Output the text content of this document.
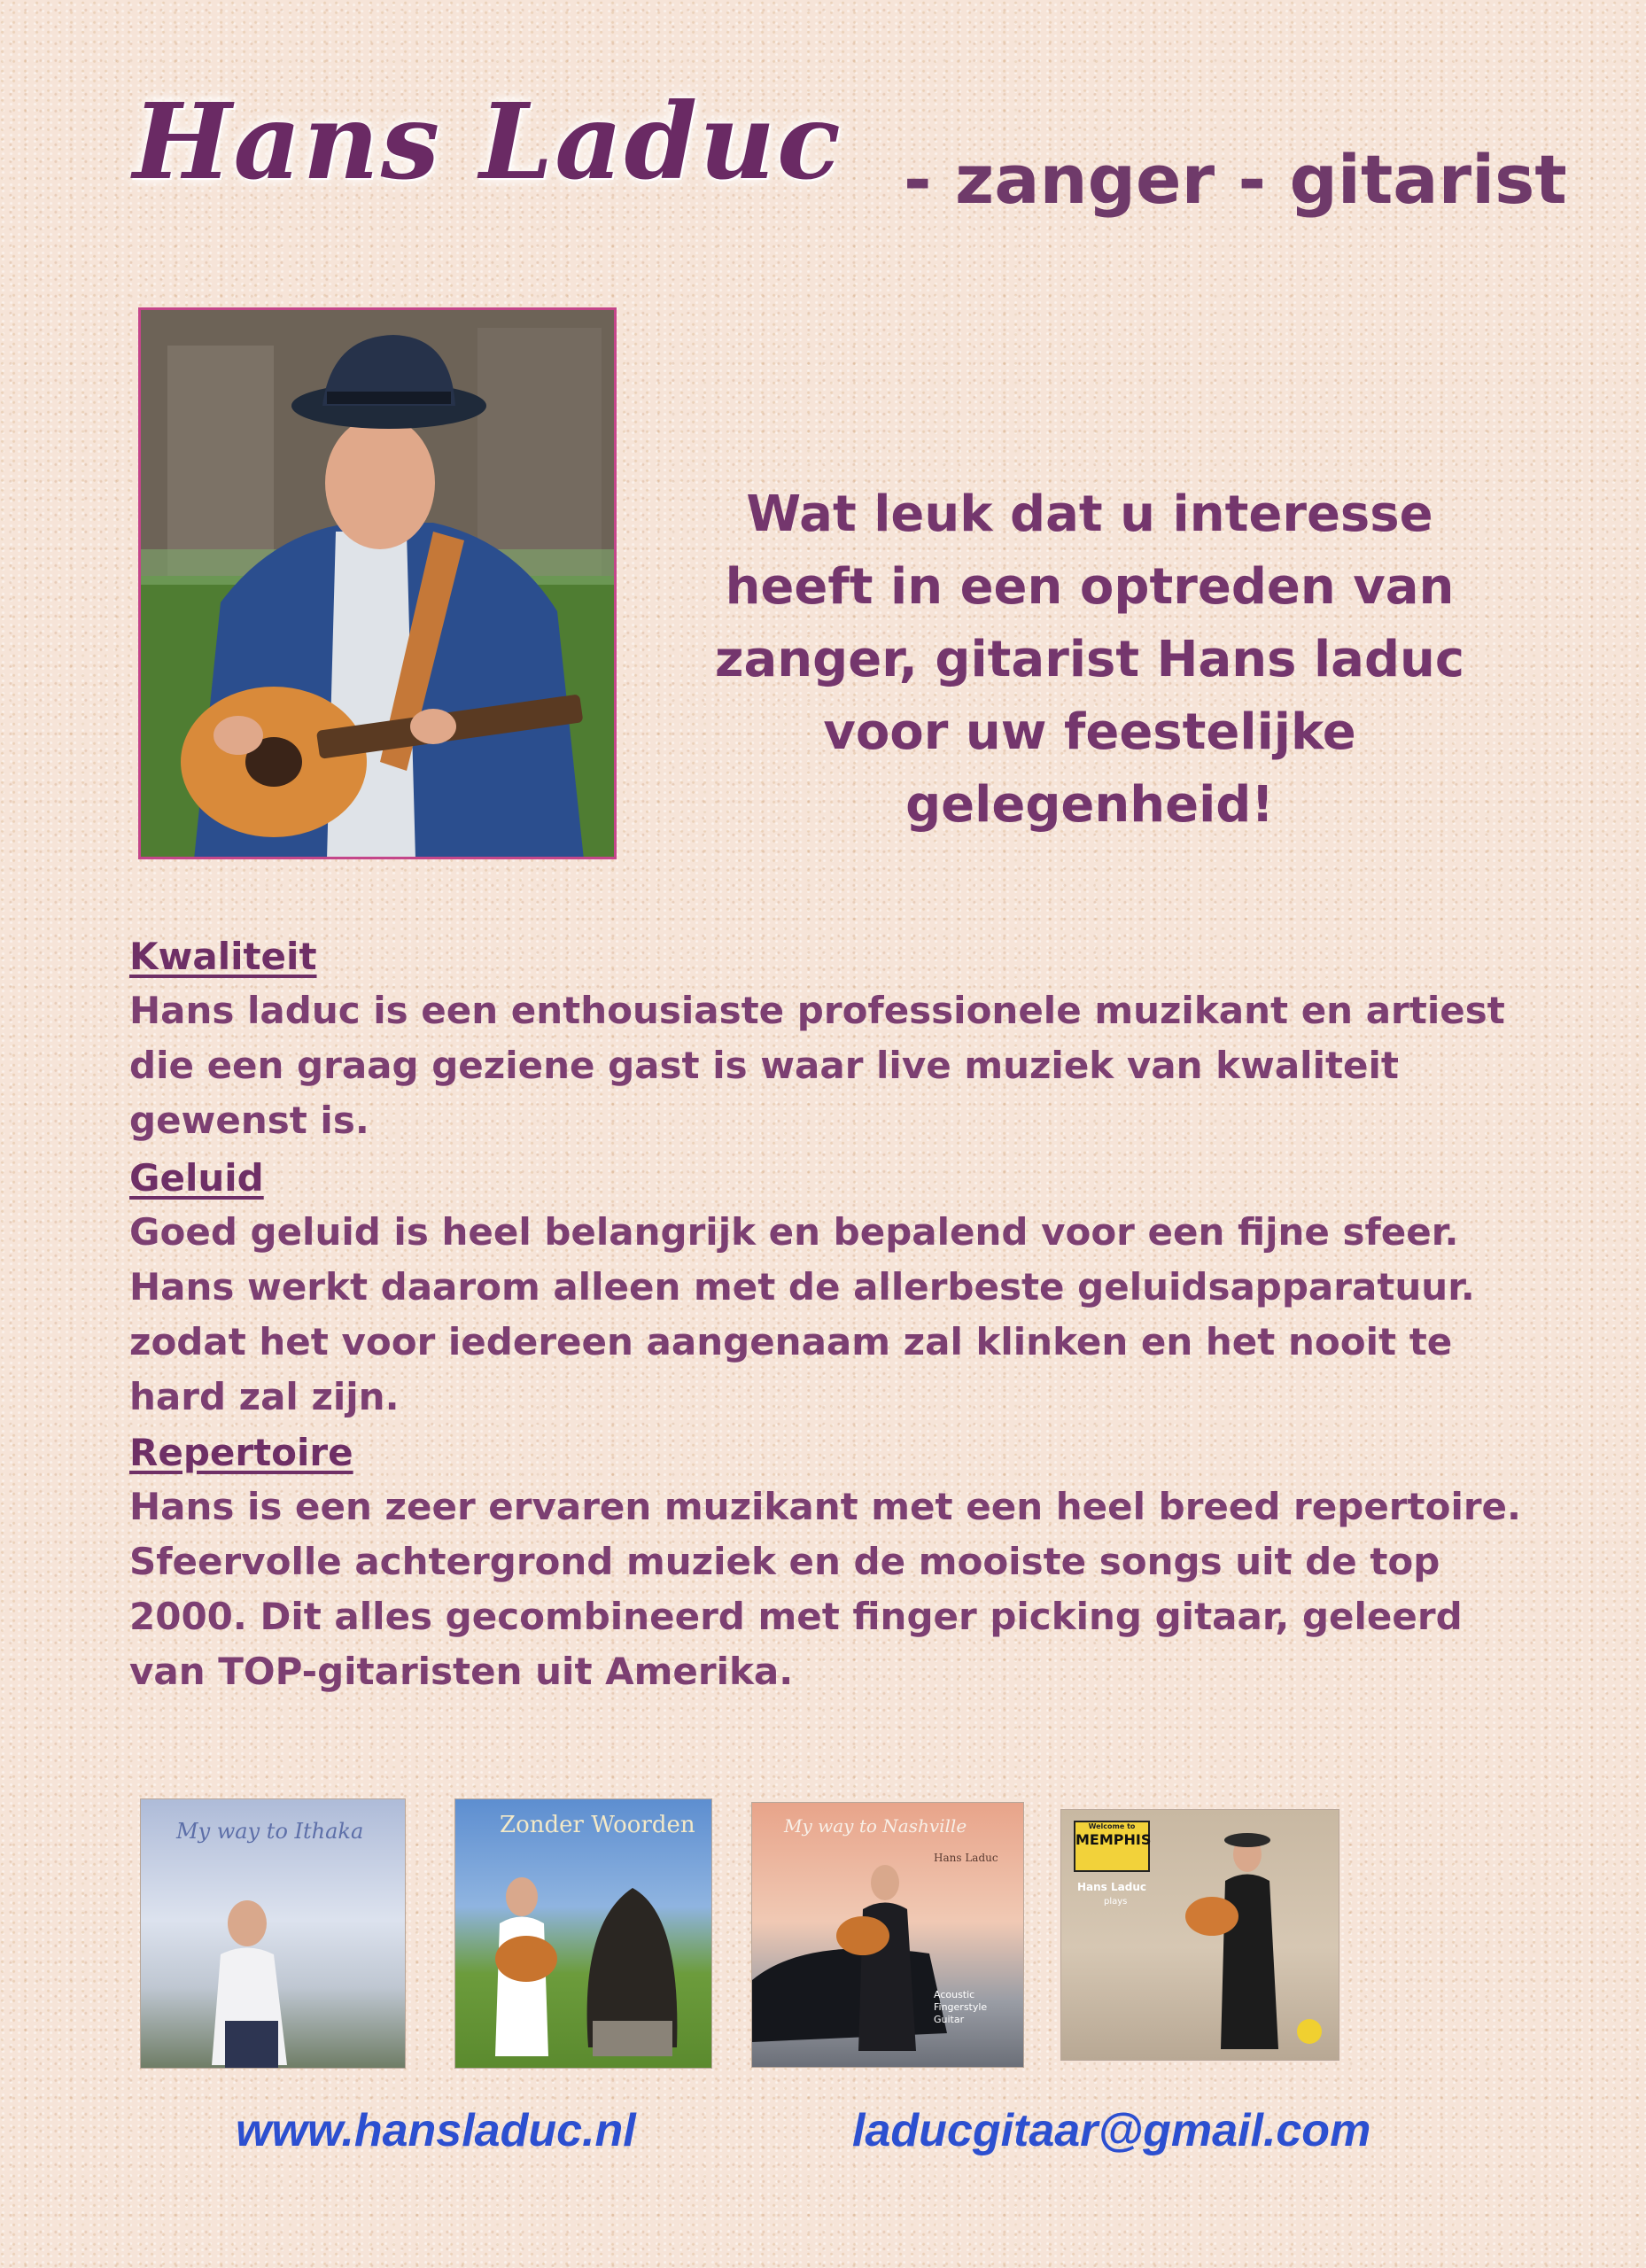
Hans Laduc - zanger - gitarist
Wat leuk dat u interesse heeft in een optreden van zanger, gitarist Hans laduc voor uw feestelijke gelegenheid!
Kwaliteit

Hans laduc is een enthousiaste professionele muzikant en artiest die een graag geziene gast is waar live muziek van kwaliteit gewenst is.

Geluid

Goed geluid is heel belangrijk en bepalend voor een fijne sfeer. Hans werkt daarom alleen met de allerbeste geluidsapparatuur. zodat het voor iedereen aangenaam zal klinken en het nooit te hard zal zijn.

Repertoire

Hans is een zeer ervaren muzikant met een heel breed repertoire. Sfeervolle achtergrond muziek en de mooiste songs uit de top 2000. Dit alles gecombineerd met finger picking gitaar, geleerd van TOP-gitaristen uit Amerika.

My way to Ithaka	Zonder Woorden	My way to Nashville
Hans Laduc
Acoustic Fingerstyle Guitar
Welcome to
MEMPHIS
Hans Laduc
plays
www.hansladuc.nl	laducgitaar@gmail.com
